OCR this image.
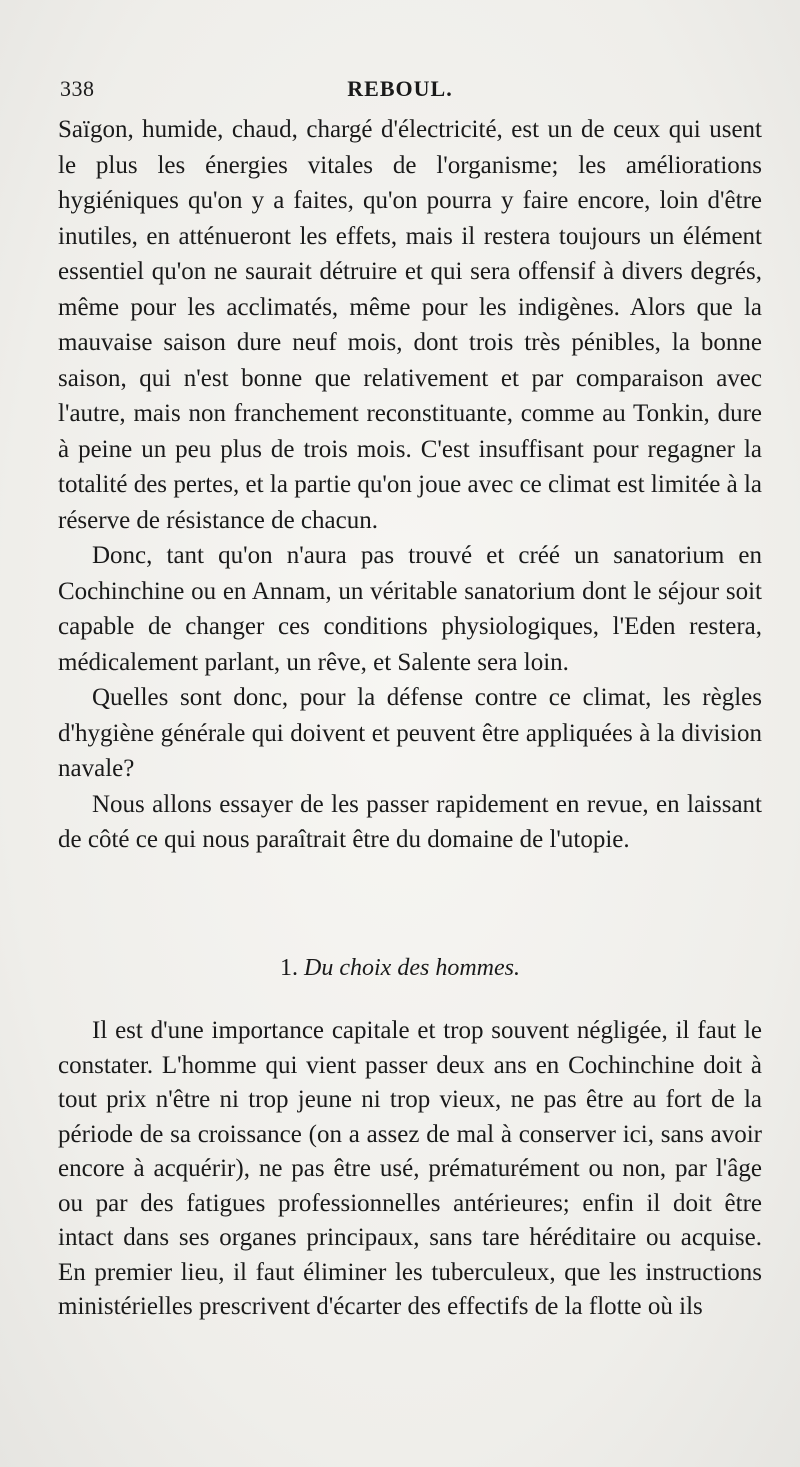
338	REBOUL.

Saïgon, humide, chaud, chargé d'électricité, est un de ceux qui usent le plus les énergies vitales de l'organisme; les améliorations hygiéniques qu'on y a faites, qu'on pourra y faire encore, loin d'être inutiles, en atténueront les effets, mais il restera toujours un élément essentiel qu'on ne saurait détruire et qui sera offensif à divers degrés, même pour les acclimatés, même pour les indigènes. Alors que la mauvaise saison dure neuf mois, dont trois très pénibles, la bonne saison, qui n'est bonne que relativement et par comparaison avec l'autre, mais non franchement reconstituante, comme au Tonkin, dure à peine un peu plus de trois mois. C'est insuffisant pour regagner la totalité des pertes, et la partie qu'on joue avec ce climat est limitée à la réserve de résistance de chacun.

Donc, tant qu'on n'aura pas trouvé et créé un sanatorium en Cochinchine ou en Annam, un véritable sanatorium dont le séjour soit capable de changer ces conditions physiologiques, l'Eden restera, médicalement parlant, un rêve, et Salente sera loin.

Quelles sont donc, pour la défense contre ce climat, les règles d'hygiène générale qui doivent et peuvent être appliquées à la division navale?

Nous allons essayer de les passer rapidement en revue, en laissant de côté ce qui nous paraîtrait être du domaine de l'utopie.

1. Du choix des hommes.

Il est d'une importance capitale et trop souvent négligée, il faut le constater. L'homme qui vient passer deux ans en Cochinchine doit à tout prix n'être ni trop jeune ni trop vieux, ne pas être au fort de la période de sa croissance (on a assez de mal à conserver ici, sans avoir encore à acquérir), ne pas être usé, prématurément ou non, par l'âge ou par des fatigues professionnelles antérieures; enfin il doit être intact dans ses organes principaux, sans tare héréditaire ou acquise. En premier lieu, il faut éliminer les tuberculeux, que les instructions ministérielles prescrivent d'écarter des effectifs de la flotte où ils
